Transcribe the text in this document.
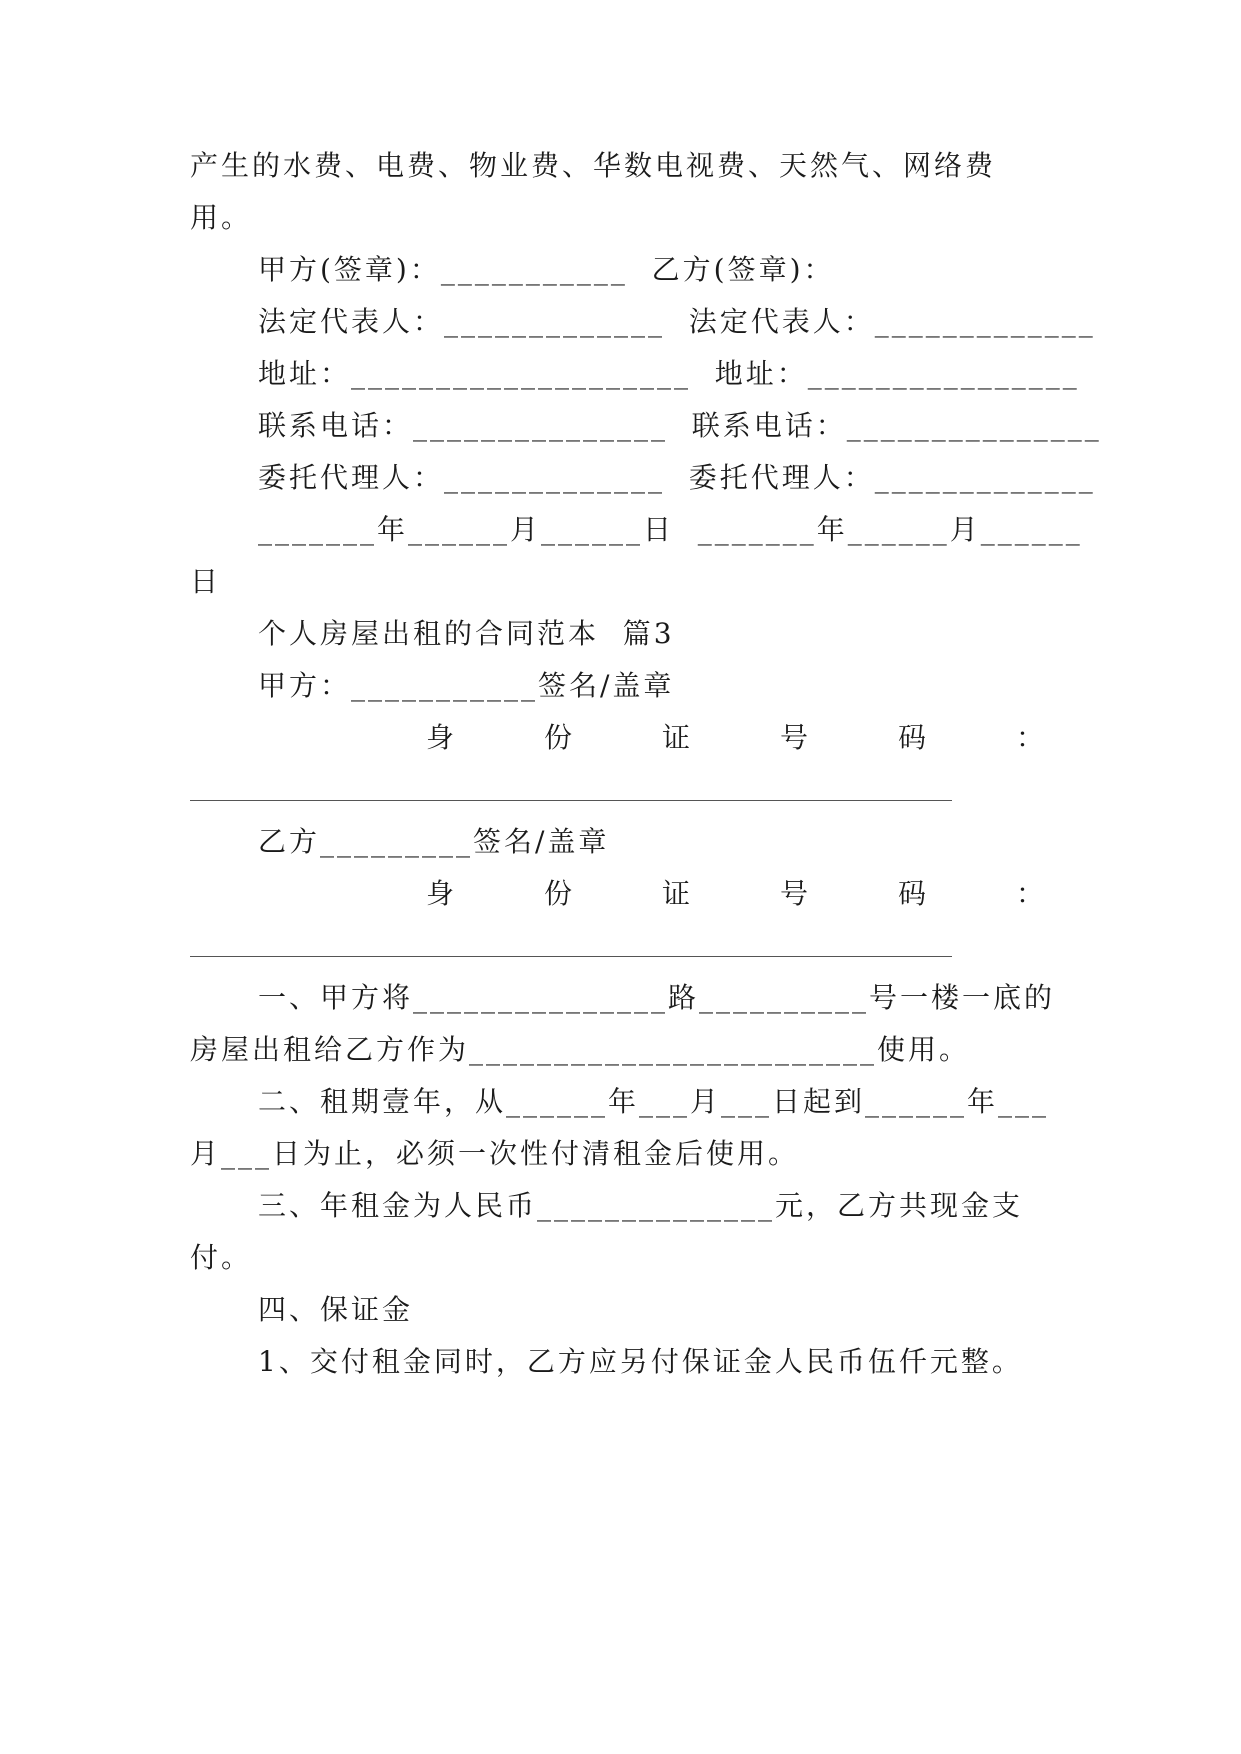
产生的水费、电费、物业费、华数电视费、天然气、网络费
用。
甲方(签章)：___________  乙方(签章)：
法定代表人：_____________  法定代表人：_____________
地址：____________________  地址：________________
联系电话：_______________  联系电话：_______________
委托代理人：_____________  委托代理人：_____________
_______年______月______日  _______年______月______
日
个人房屋出租的合同范本  篇3
甲方：___________签名/盖章
身	份	证	号	码	：
乙方_________签名/盖章
身	份	证	号	码	：
一、甲方将_______________路__________号一楼一底的
房屋出租给乙方作为________________________使用。
二、租期壹年，从______年___月___日起到______年___
月___日为止，必须一次性付清租金后使用。
三、年租金为人民币______________元，乙方共现金支
付。
四、保证金
1、交付租金同时，乙方应另付保证金人民币伍仟元整。
